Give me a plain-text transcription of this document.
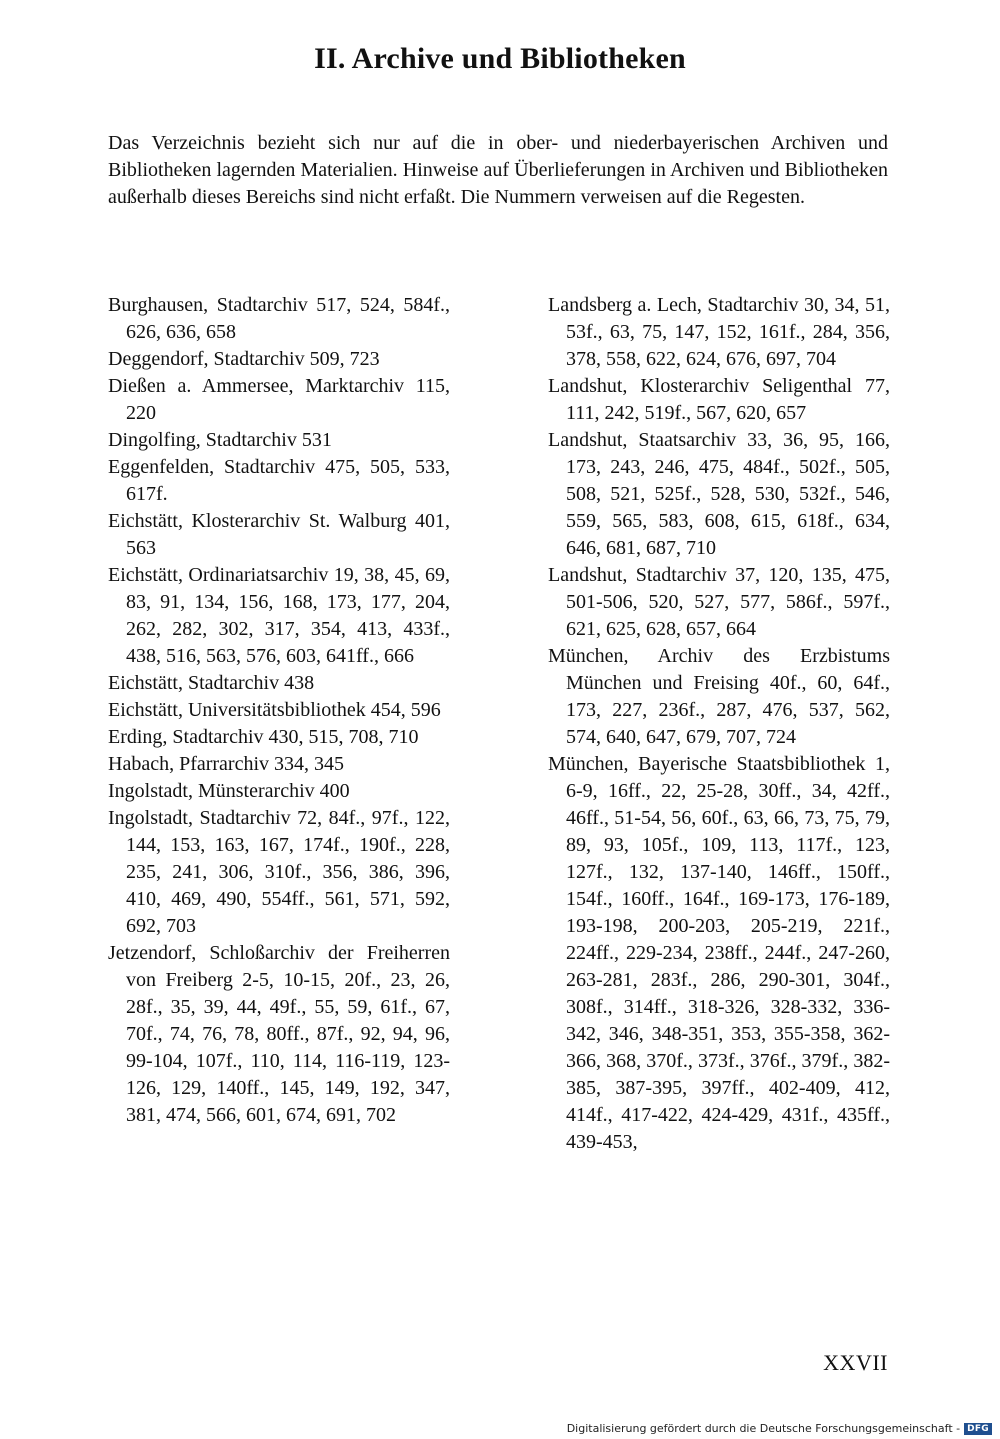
II. Archive und Bibliotheken

Das Verzeichnis bezieht sich nur auf die in ober- und niederbayerischen Archiven und Bibliotheken lagernden Materialien. Hinweise auf Überlieferungen in Archiven und Bibliotheken außerhalb dieses Bereichs sind nicht erfaßt. Die Nummern verweisen auf die Regesten.

Burghausen, Stadtarchiv 517, 524, 584f., 626, 636, 658
Deggendorf, Stadtarchiv 509, 723
Dießen a. Ammersee, Marktarchiv 115, 220
Dingolfing, Stadtarchiv 531
Eggenfelden, Stadtarchiv 475, 505, 533, 617f.
Eichstätt, Klosterarchiv St. Walburg 401, 563
Eichstätt, Ordinariatsarchiv 19, 38, 45, 69, 83, 91, 134, 156, 168, 173, 177, 204, 262, 282, 302, 317, 354, 413, 433f., 438, 516, 563, 576, 603, 641ff., 666
Eichstätt, Stadtarchiv 438
Eichstätt, Universitätsbibliothek 454, 596
Erding, Stadtarchiv 430, 515, 708, 710
Habach, Pfarrarchiv 334, 345
Ingolstadt, Münsterarchiv 400
Ingolstadt, Stadtarchiv 72, 84f., 97f., 122, 144, 153, 163, 167, 174f., 190f., 228, 235, 241, 306, 310f., 356, 386, 396, 410, 469, 490, 554ff., 561, 571, 592, 692, 703
Jetzendorf, Schloßarchiv der Freiherren von Freiberg 2-5, 10-15, 20f., 23, 26, 28f., 35, 39, 44, 49f., 55, 59, 61f., 67, 70f., 74, 76, 78, 80ff., 87f., 92, 94, 96, 99-104, 107f., 110, 114, 116-119, 123-126, 129, 140ff., 145, 149, 192, 347, 381, 474, 566, 601, 674, 691, 702
Landsberg a. Lech, Stadtarchiv 30, 34, 51, 53f., 63, 75, 147, 152, 161f., 284, 356, 378, 558, 622, 624, 676, 697, 704
Landshut, Klosterarchiv Seligenthal 77, 111, 242, 519f., 567, 620, 657
Landshut, Staatsarchiv 33, 36, 95, 166, 173, 243, 246, 475, 484f., 502f., 505, 508, 521, 525f., 528, 530, 532f., 546, 559, 565, 583, 608, 615, 618f., 634, 646, 681, 687, 710
Landshut, Stadtarchiv 37, 120, 135, 475, 501-506, 520, 527, 577, 586f., 597f., 621, 625, 628, 657, 664
München, Archiv des Erzbistums München und Freising 40f., 60, 64f., 173, 227, 236f., 287, 476, 537, 562, 574, 640, 647, 679, 707, 724
München, Bayerische Staatsbibliothek 1, 6-9, 16ff., 22, 25-28, 30ff., 34, 42ff., 46ff., 51-54, 56, 60f., 63, 66, 73, 75, 79, 89, 93, 105f., 109, 113, 117f., 123, 127f., 132, 137-140, 146ff., 150ff., 154f., 160ff., 164f., 169-173, 176-189, 193-198, 200-203, 205-219, 221f., 224ff., 229-234, 238ff., 244f., 247-260, 263-281, 283f., 286, 290-301, 304f., 308f., 314ff., 318-326, 328-332, 336-342, 346, 348-351, 353, 355-358, 362-366, 368, 370f., 373f., 376f., 379f., 382-385, 387-395, 397ff., 402-409, 412, 414f., 417-422, 424-429, 431f., 435ff., 439-453,
XXVII
Digitalisierung gefördert durch die Deutsche Forschungsgemeinschaft - DFG
